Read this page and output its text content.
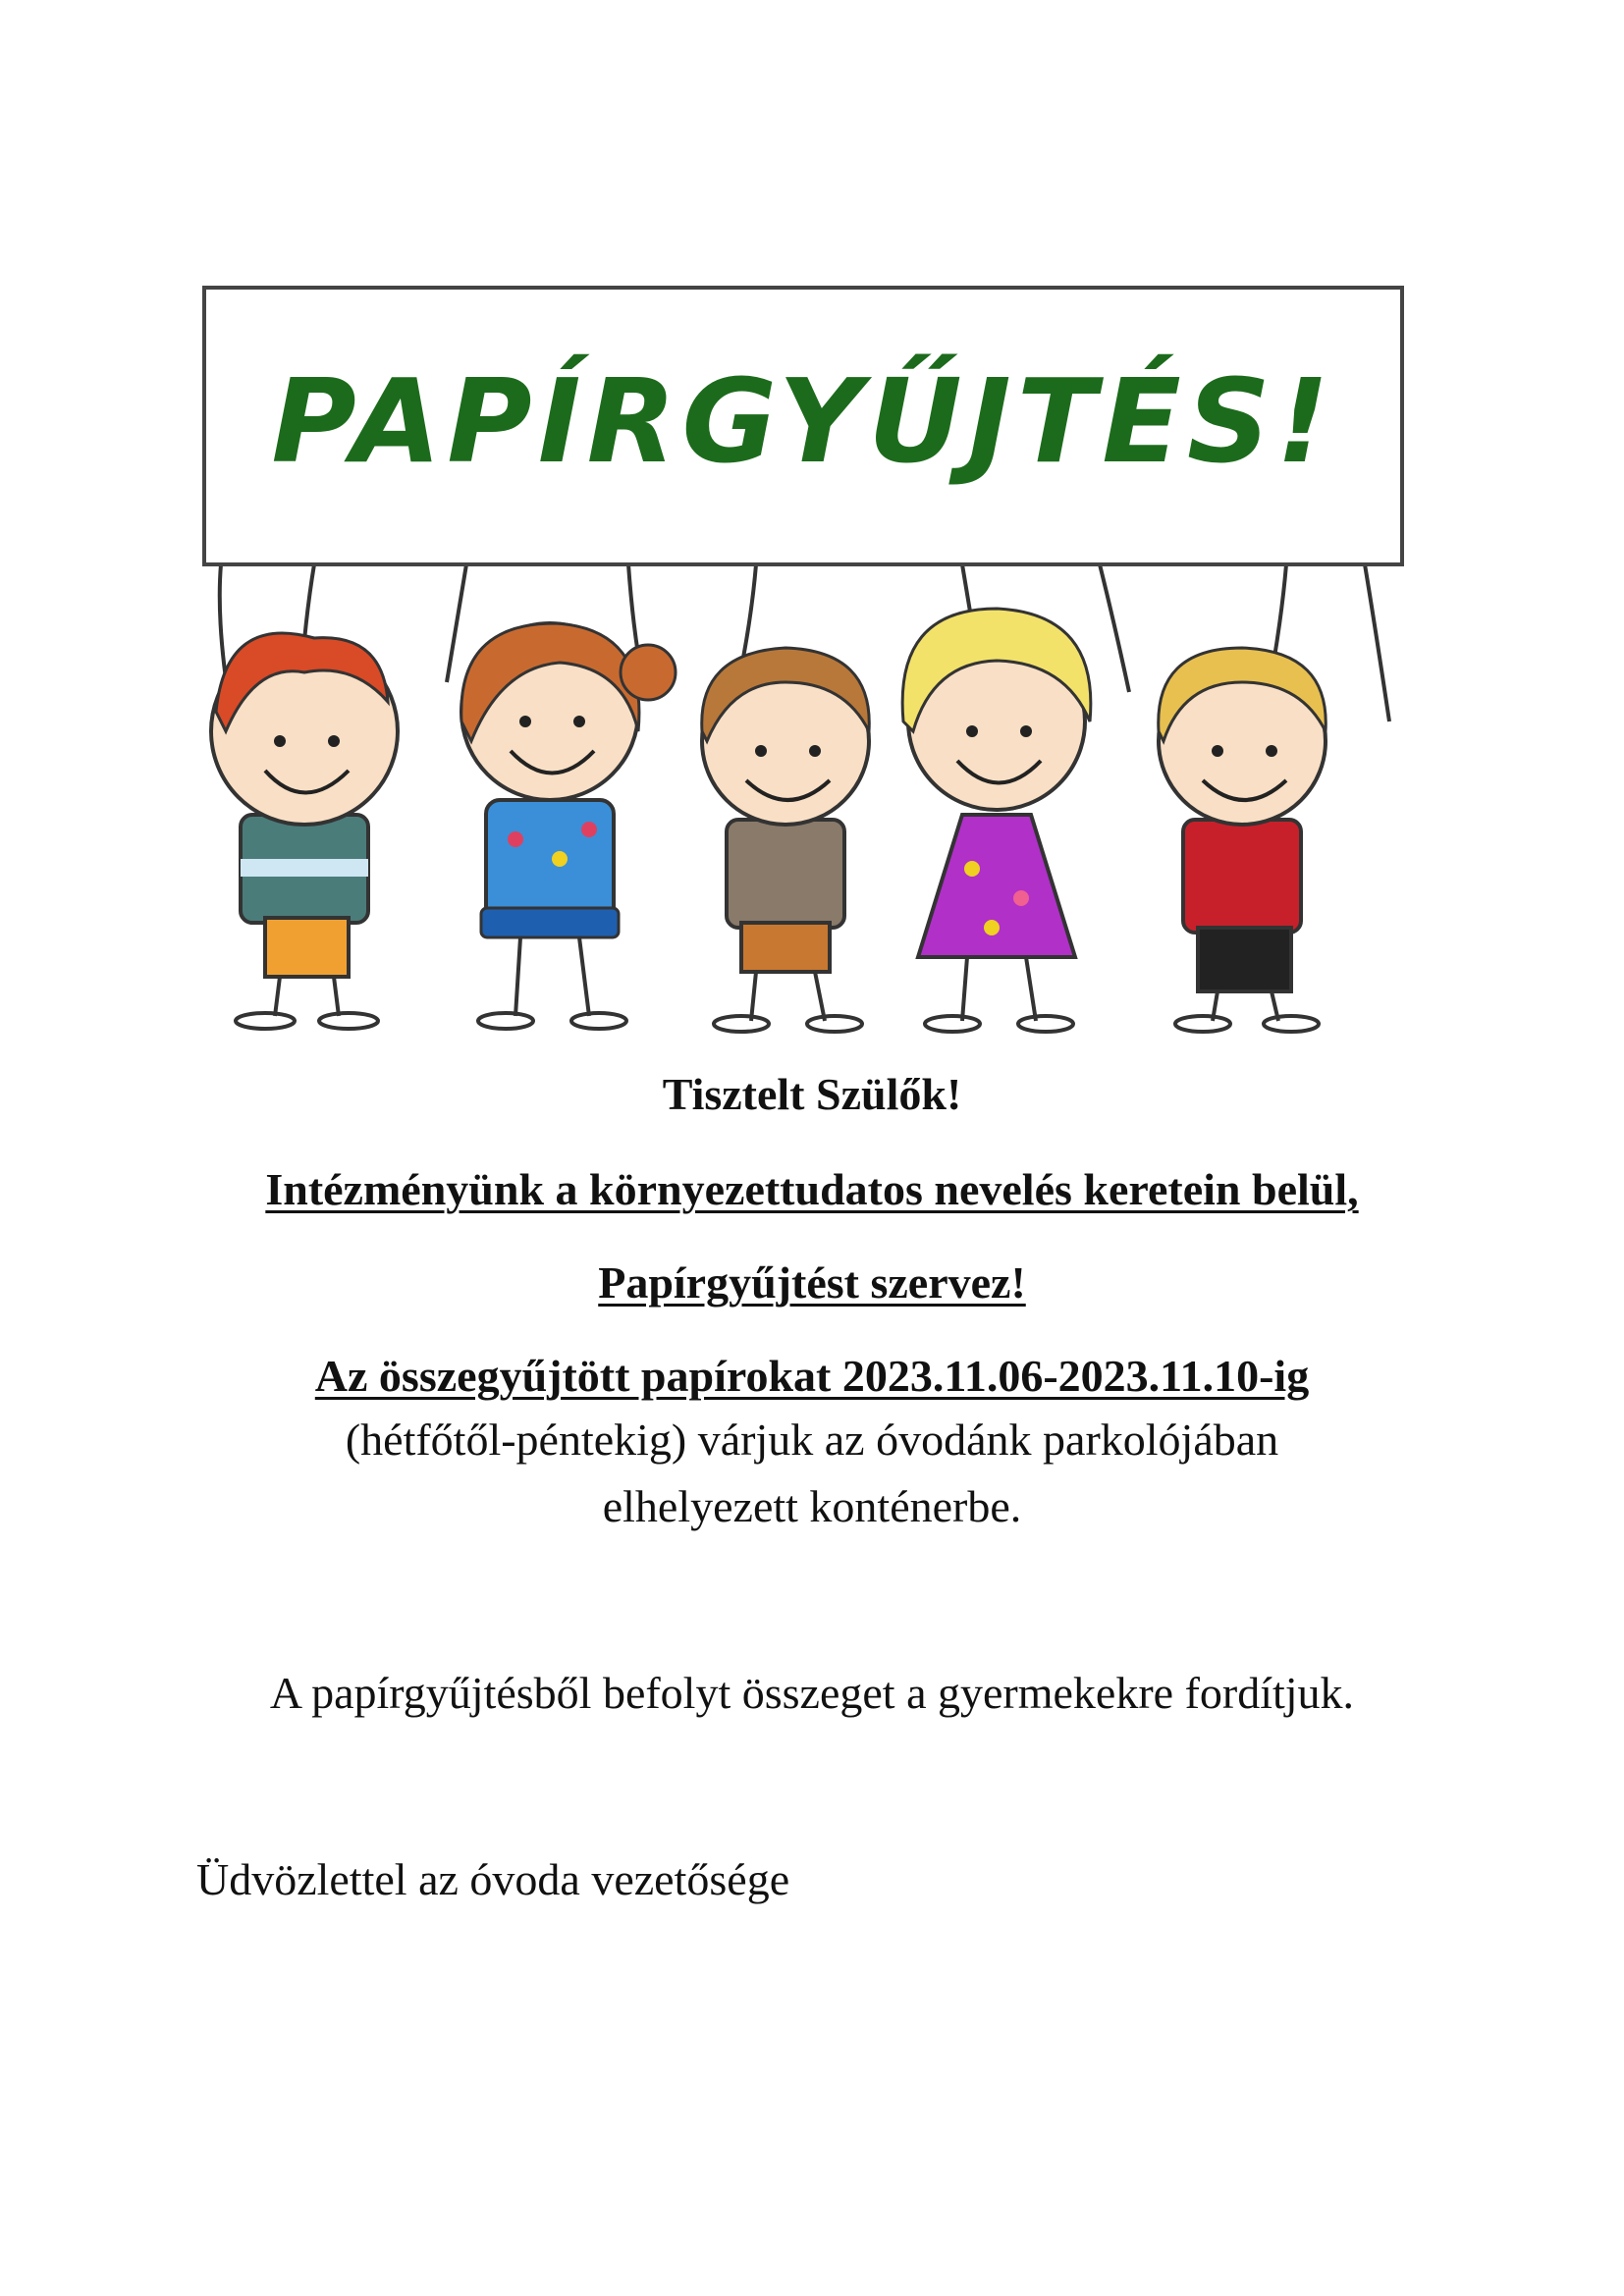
PAPÍRGYŰJTÉS!

Tisztelt Szülők!

Intézményünk a környezettudatos nevelés keretein belül,

Papírgyűjtést szervez!

Az összegyűjtött papírokat 2023.11.06-2023.11.10-ig

(hétfőtől-péntekig) várjuk az óvodánk parkolójában

elhelyezett konténerbe.

A papírgyűjtésből befolyt összeget a gyermekekre fordítjuk.

Üdvözlettel az óvoda vezetősége
